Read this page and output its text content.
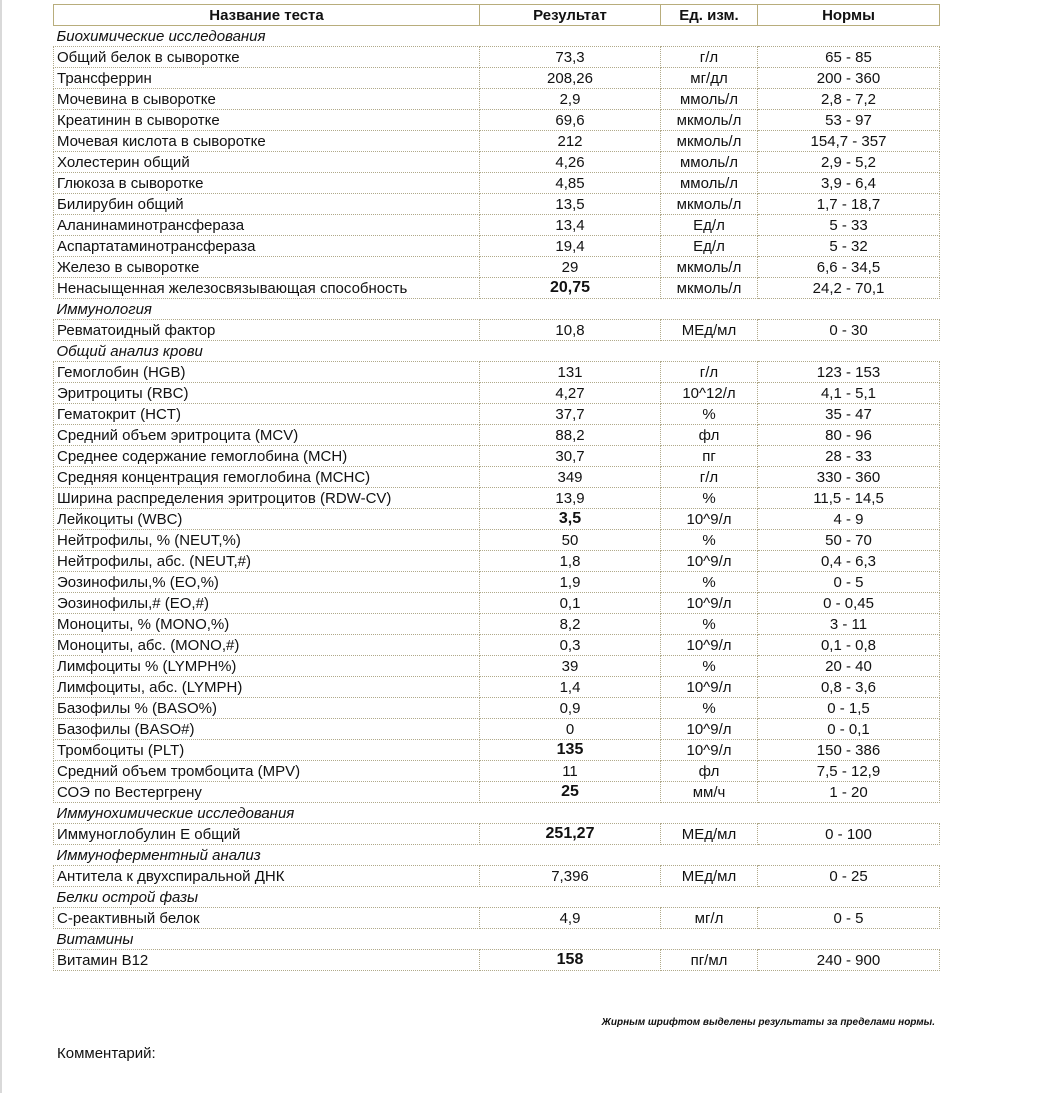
Название теста	Результат	Ед. изм.	Нормы
Биохимические исследования			
Общий белок в сыворотке	73,3	г/л	65 - 85
Трансферрин	208,26	мг/дл	200 - 360
Мочевина в сыворотке	2,9	ммоль/л	2,8 - 7,2
Креатинин в сыворотке	69,6	мкмоль/л	53 - 97
Мочевая кислота в сыворотке	212	мкмоль/л	154,7 - 357
Холестерин общий	4,26	ммоль/л	2,9 - 5,2
Глюкоза в сыворотке	4,85	ммоль/л	3,9 - 6,4
Билирубин общий	13,5	мкмоль/л	1,7 - 18,7
Аланинаминотрансфераза	13,4	Ед/л	5 - 33
Аспартатаминотрансфераза	19,4	Ед/л	5 - 32
Железо в сыворотке	29	мкмоль/л	6,6 - 34,5
Ненасыщенная железосвязывающая способность	20,75	мкмоль/л	24,2 - 70,1
Иммунология			
Ревматоидный фактор	10,8	МЕд/мл	0 - 30
Общий анализ крови			
Гемоглобин (HGB)	131	г/л	123 - 153
Эритроциты (RBC)	4,27	10^12/л	4,1 - 5,1
Гематокрит (HCT)	37,7	%	35 - 47
Средний объем эритроцита (MCV)	88,2	фл	80 - 96
Среднее содержание гемоглобина (MCH)	30,7	пг	28 - 33
Средняя концентрация гемоглобина (MCHC)	349	г/л	330 - 360
Ширина распределения эритроцитов (RDW-CV)	13,9	%	11,5 - 14,5
Лейкоциты (WBC)	3,5	10^9/л	4 - 9
Нейтрофилы, % (NEUT,%)	50	%	50 - 70
Нейтрофилы, абс. (NEUT,#)	1,8	10^9/л	0,4 - 6,3
Эозинофилы,% (EO,%)	1,9	%	0 - 5
Эозинофилы,# (EO,#)	0,1	10^9/л	0 - 0,45
Моноциты, % (MONO,%)	8,2	%	3 - 11
Моноциты, абс. (MONO,#)	0,3	10^9/л	0,1 - 0,8
Лимфоциты % (LYMPH%)	39	%	20 - 40
Лимфоциты, абс. (LYMPH)	1,4	10^9/л	0,8 - 3,6
Базофилы % (BASO%)	0,9	%	0 - 1,5
Базофилы (BASO#)	0	10^9/л	0 - 0,1
Тромбоциты (PLT)	135	10^9/л	150 - 386
Средний объем тромбоцита (MPV)	11	фл	7,5 - 12,9
СОЭ по Вестергрену	25	мм/ч	1 - 20
Иммунохимические исследования			
Иммуноглобулин Е общий	251,27	МЕд/мл	0 - 100
Иммуноферментный анализ			
Антитела к двухспиральной ДНК	7,396	МЕд/мл	0 - 25
Белки острой фазы			
С-реактивный белок	4,9	мг/л	0 - 5
Витамины			
Витамин B12	158	пг/мл	240 - 900
Жирным шрифтом выделены результаты за пределами нормы.
Комментарий:
